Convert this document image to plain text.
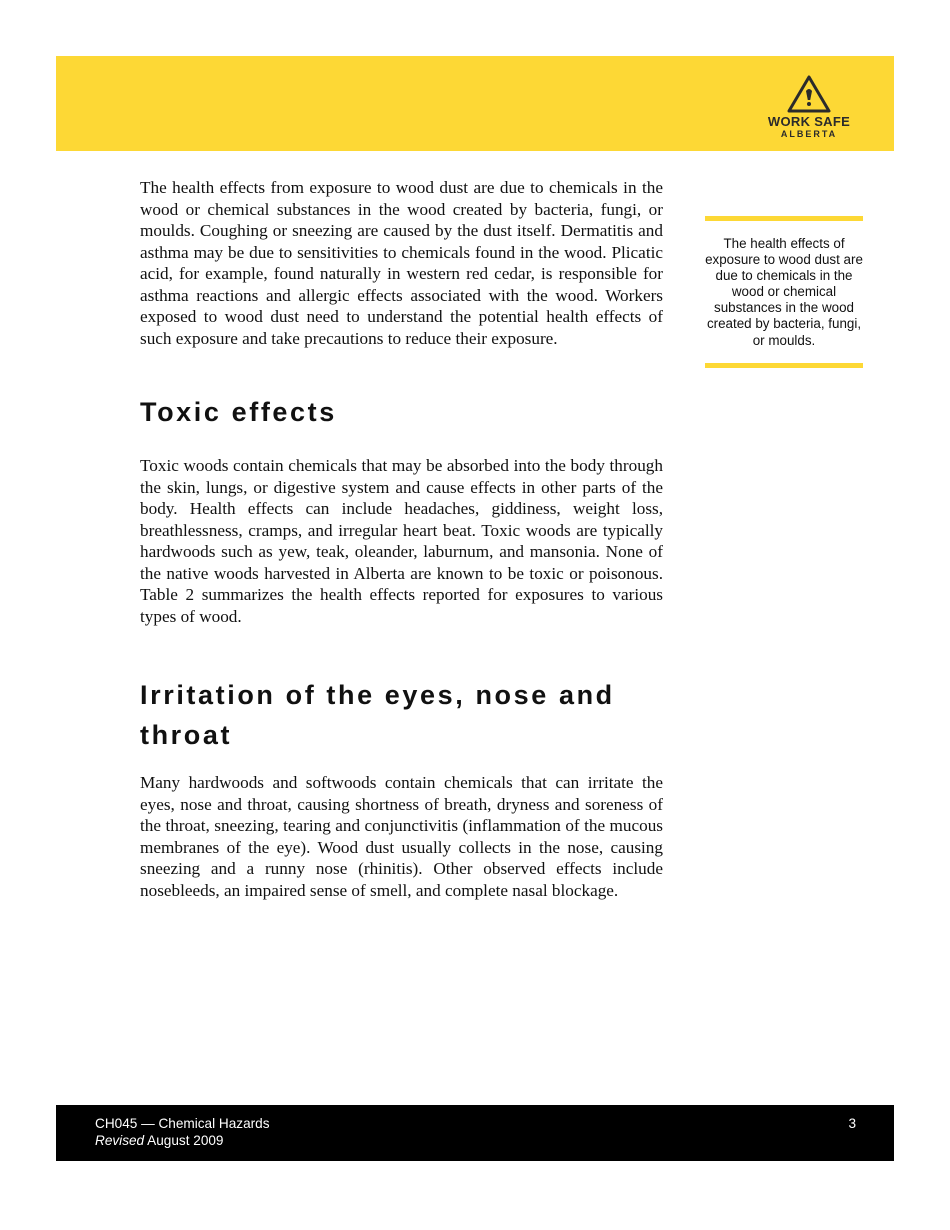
WORK SAFE
ALBERTA

The health effects from exposure to wood dust are due to chemicals in the wood or chemical substances in the wood created by bacteria, fungi, or moulds. Coughing or sneezing are caused by the dust itself. Dermatitis and asthma may be due to sensitivities to chemicals found in the wood. Plicatic acid, for example, found naturally in western red cedar, is responsible for asthma reactions and allergic effects associated with the wood. Workers exposed to wood dust need to understand the potential health effects of such exposure and take precautions to reduce their exposure.

Toxic effects

Toxic woods contain chemicals that may be absorbed into the body through the skin, lungs, or digestive system and cause effects in other parts of the body. Health effects can include headaches, giddiness, weight loss, breathlessness, cramps, and irregular heart beat. Toxic woods are typically hardwoods such as yew, teak, oleander, laburnum, and mansonia. None of the native woods harvested in Alberta are known to be toxic or poisonous. Table 2 summarizes the health effects reported for exposures to various types of wood.

Irritation of the eyes, nose and throat

Many hardwoods and softwoods contain chemicals that can irritate the eyes, nose and throat, causing shortness of breath, dryness and soreness of the throat, sneezing, tearing and conjunctivitis (inflammation of the mucous membranes of the eye). Wood dust usually collects in the nose, causing sneezing and a runny nose (rhinitis). Other observed effects include nosebleeds, an impaired sense of smell, and complete nasal blockage.

The health effects of exposure to wood dust are due to chemicals in the wood or chemical substances in the wood created by bacteria, fungi, or moulds.

CH045 — Chemical Hazards
Revised August 2009
3
